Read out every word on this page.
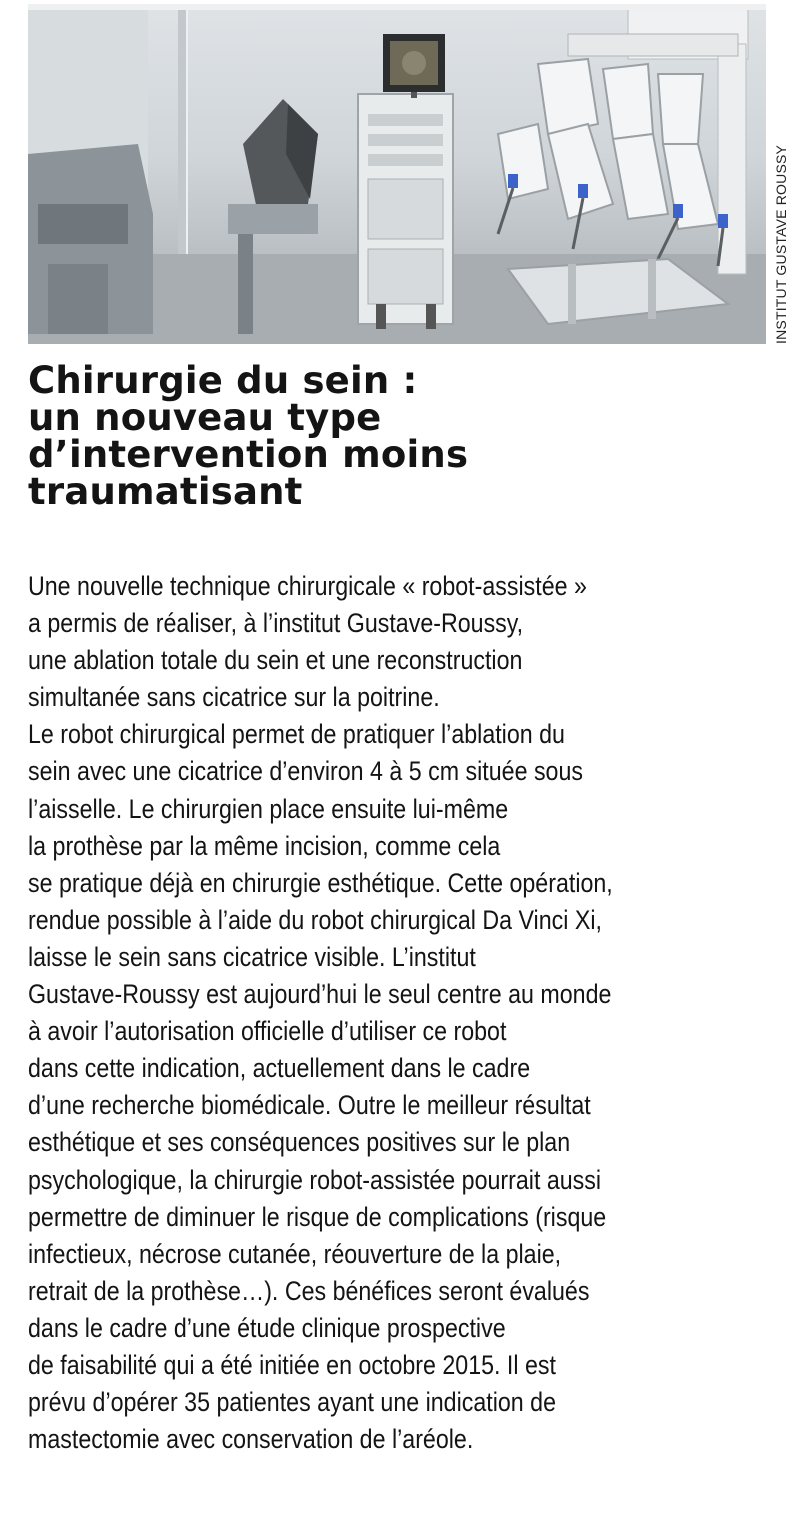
INSTITUT GUSTAVE ROUSSY
Chirurgie du sein :
un nouveau type
d’intervention moins
traumatisant
Une nouvelle technique chirurgicale « robot-assistée »
a permis de réaliser, à l’institut Gustave-Roussy,
une ablation totale du sein et une reconstruction
simultanée sans cicatrice sur la poitrine.
Le robot chirurgical permet de pratiquer l’ablation du
sein avec une cicatrice d’environ 4 à 5 cm située sous
l’aisselle. Le chirurgien place ensuite lui-même
la prothèse par la même incision, comme cela
se pratique déjà en chirurgie esthétique. Cette opération,
rendue possible à l’aide du robot chirurgical Da Vinci Xi,
laisse le sein sans cicatrice visible. L’institut
Gustave-Roussy est aujourd’hui le seul centre au monde
à avoir l’autorisation officielle d’utiliser ce robot
dans cette indication, actuellement dans le cadre
d’une recherche biomédicale. Outre le meilleur résultat
esthétique et ses conséquences positives sur le plan
psychologique, la chirurgie robot-assistée pourrait aussi
permettre de diminuer le risque de complications (risque
infectieux, nécrose cutanée, réouverture de la plaie,
retrait de la prothèse…). Ces bénéfices seront évalués
dans le cadre d’une étude clinique prospective
de faisabilité qui a été initiée en octobre 2015. Il est
prévu d’opérer 35 patientes ayant une indication de
mastectomie avec conservation de l’aréole.
